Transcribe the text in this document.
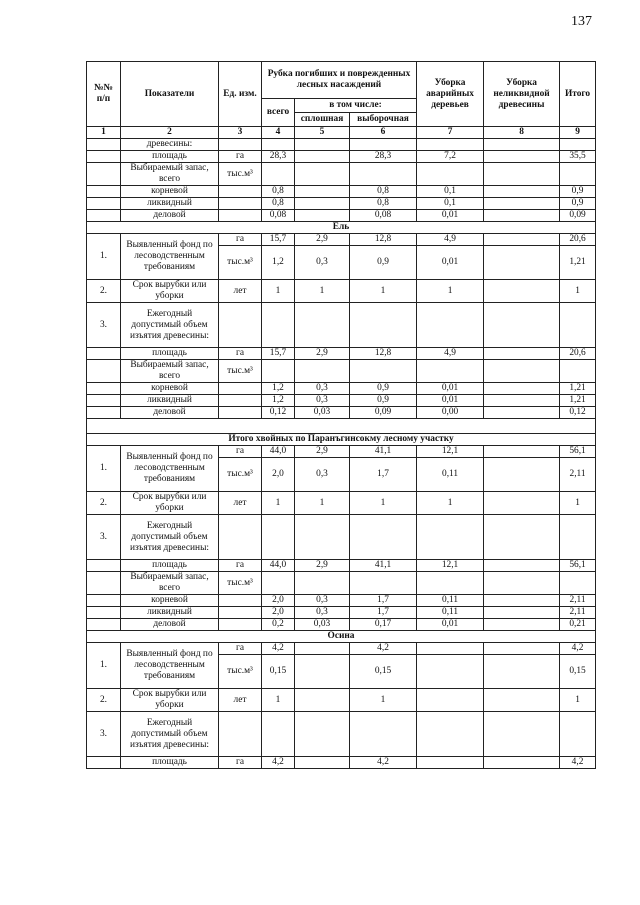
137
№№ п/п	Показатели	Ед. изм.	Рубка погибших и поврежденных лесных насаждений			Уборка аварийных деревьев	Уборка неликвидной древесины	Итого
			всего	в том числе:				
				сплошная	выборочная			
1	2	3	4	5	6	7	8	9
	древесины:							
	площадь	га	28,3		28,3	7,2		35,5
	Выбираемый запас, всего	тыс.м³						
	корневой		0,8		0,8	0,1		0,9
	ликвидный		0,8		0,8	0,1		0,9
	деловой		0,08		0,08	0,01		0,09
Ель								
1.	Выявленный фонд по лесоводственным требованиям	га	15,7	2,9	12,8	4,9		20,6
		тыс.м³	1,2	0,3	0,9	0,01		1,21
2.	Срок вырубки или уборки	лет	1	1	1	1		1
3.	Ежегодный допустимый объем изъятия древесины:							
	площадь	га	15,7	2,9	12,8	4,9		20,6
	Выбираемый запас, всего	тыс.м³						
	корневой		1,2	0,3	0,9	0,01		1,21
	ликвидный		1,2	0,3	0,9	0,01		1,21
	деловой		0,12	0,03	0,09	0,00		0,12

Итого хвойных по Паранъгинсокму лесному участку								
1.	Выявленный фонд по лесоводственным требованиям	га	44,0	2,9	41,1	12,1		56,1
		тыс.м³	2,0	0,3	1,7	0,11		2,11
2.	Срок вырубки или уборки	лет	1	1	1	1		1
3.	Ежегодный допустимый объем изъятия древесины:							
	площадь	га	44,0	2,9	41,1	12,1		56,1
	Выбираемый запас, всего	тыс.м³						
	корневой		2,0	0,3	1,7	0,11		2,11
	ликвидный		2,0	0,3	1,7	0,11		2,11
	деловой		0,2	0,03	0,17	0,01		0,21
Осина								
1.	Выявленный фонд по лесоводственным требованиям	га	4,2		4,2			4,2
		тыс.м³	0,15		0,15			0,15
2.	Срок вырубки или уборки	лет	1		1			1
3.	Ежегодный допустимый объем изъятия древесины:							
	площадь	га	4,2		4,2			4,2
